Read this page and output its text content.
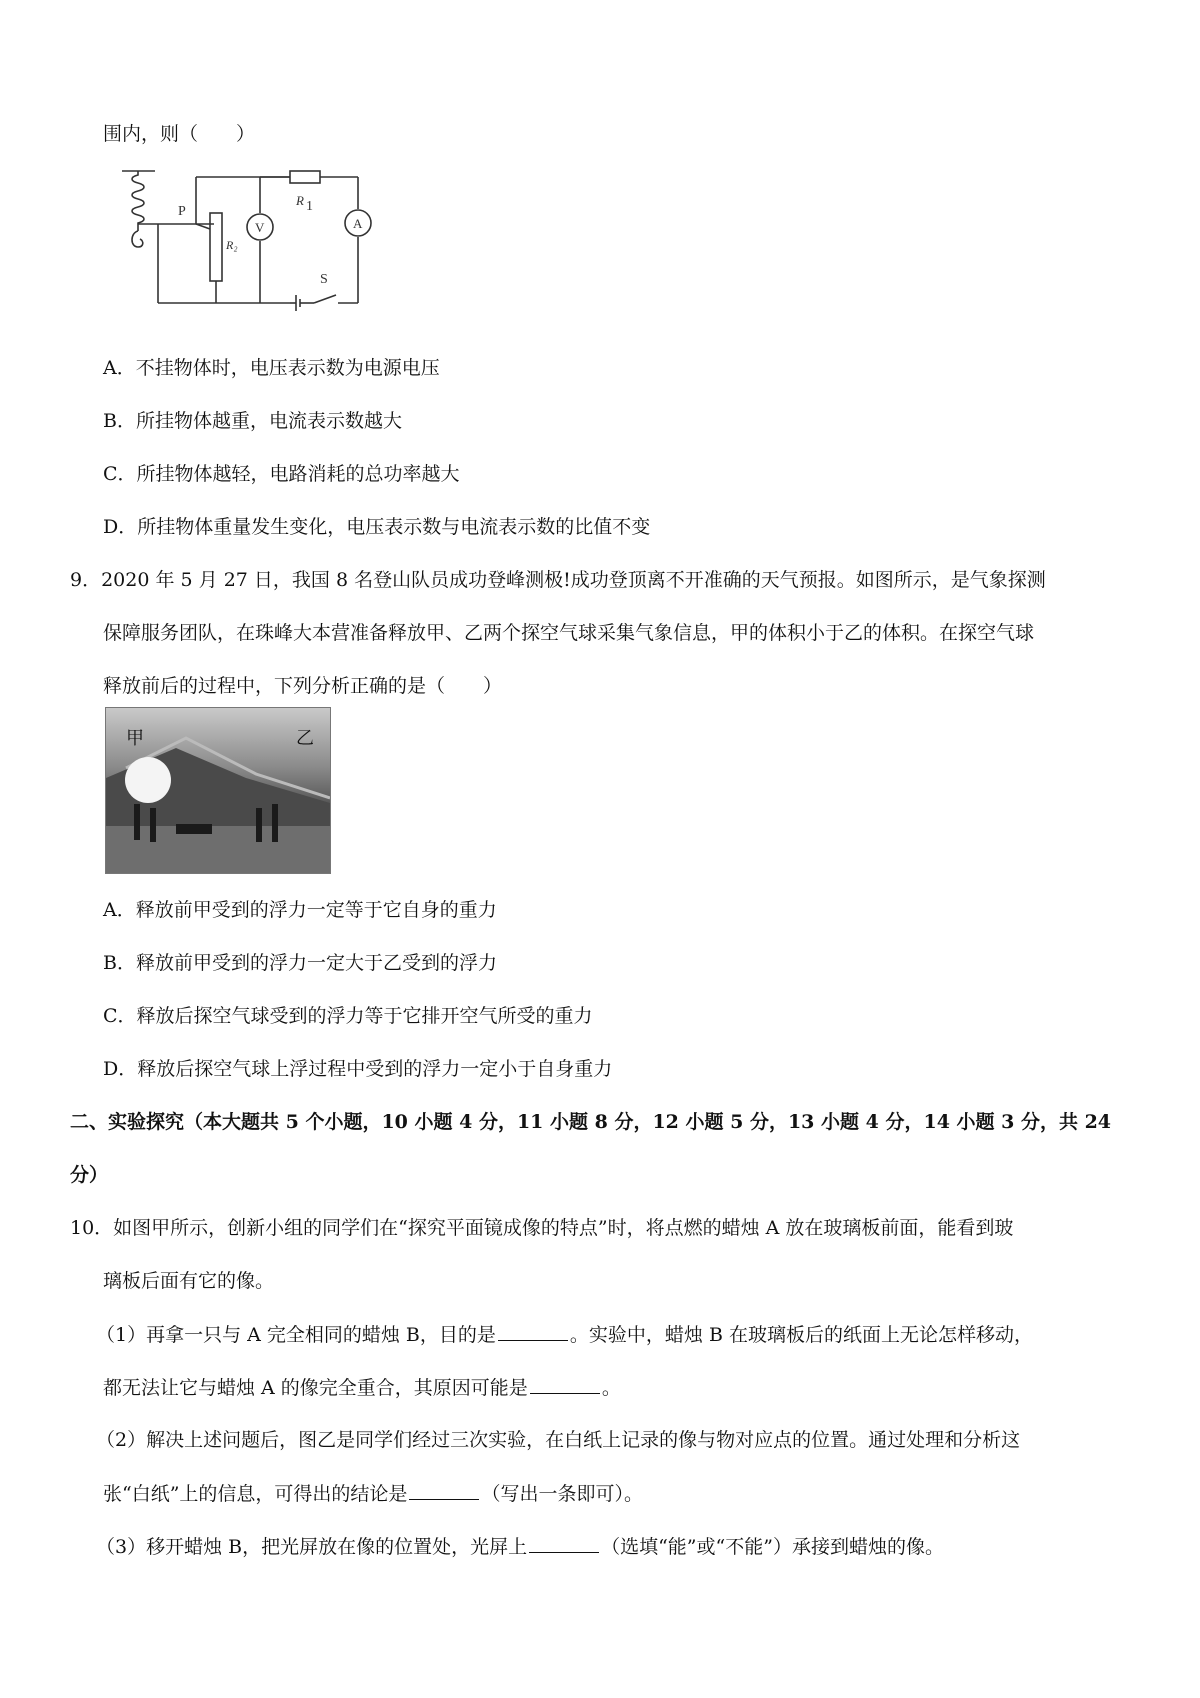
围内，则（　　）
P
R₂
R 1
V	A
S
A．不挂物体时，电压表示数为电源电压
B．所挂物体越重，电流表示数越大
C．所挂物体越轻，电路消耗的总功率越大
D．所挂物体重量发生变化，电压表示数与电流表示数的比值不变
9．2020 年 5 月 27 日，我国 8 名登山队员成功登峰测极!成功登顶离不开准确的天气预报。如图所示，是气象探测
保障服务团队，在珠峰大本营准备释放甲、乙两个探空气球采集气象信息，甲的体积小于乙的体积。在探空气球
释放前后的过程中，下列分析正确的是（　　）
甲	乙
A．释放前甲受到的浮力一定等于它自身的重力
B．释放前甲受到的浮力一定大于乙受到的浮力
C．释放后探空气球受到的浮力等于它排开空气所受的重力
D．释放后探空气球上浮过程中受到的浮力一定小于自身重力
二、实验探究（本大题共 5 个小题，10 小题 4 分，11 小题 8 分，12 小题 5 分，13 小题 4 分，14 小题 3 分，共 24
分）
10．如图甲所示，创新小组的同学们在“探究平面镜成像的特点”时，将点燃的蜡烛 A 放在玻璃板前面，能看到玻
璃板后面有它的像。
（1）再拿一只与 A 完全相同的蜡烛 B，目的是	。实验中，蜡烛 B 在玻璃板后的纸面上无论怎样移动，
都无法让它与蜡烛 A 的像完全重合，其原因可能是	。
（2）解决上述问题后，图乙是同学们经过三次实验，在白纸上记录的像与物对应点的位置。通过处理和分析这
张“白纸”上的信息，可得出的结论是	（写出一条即可）。
（3）移开蜡烛 B，把光屏放在像的位置处，光屏上	（选填“能”或“不能”）承接到蜡烛的像。
